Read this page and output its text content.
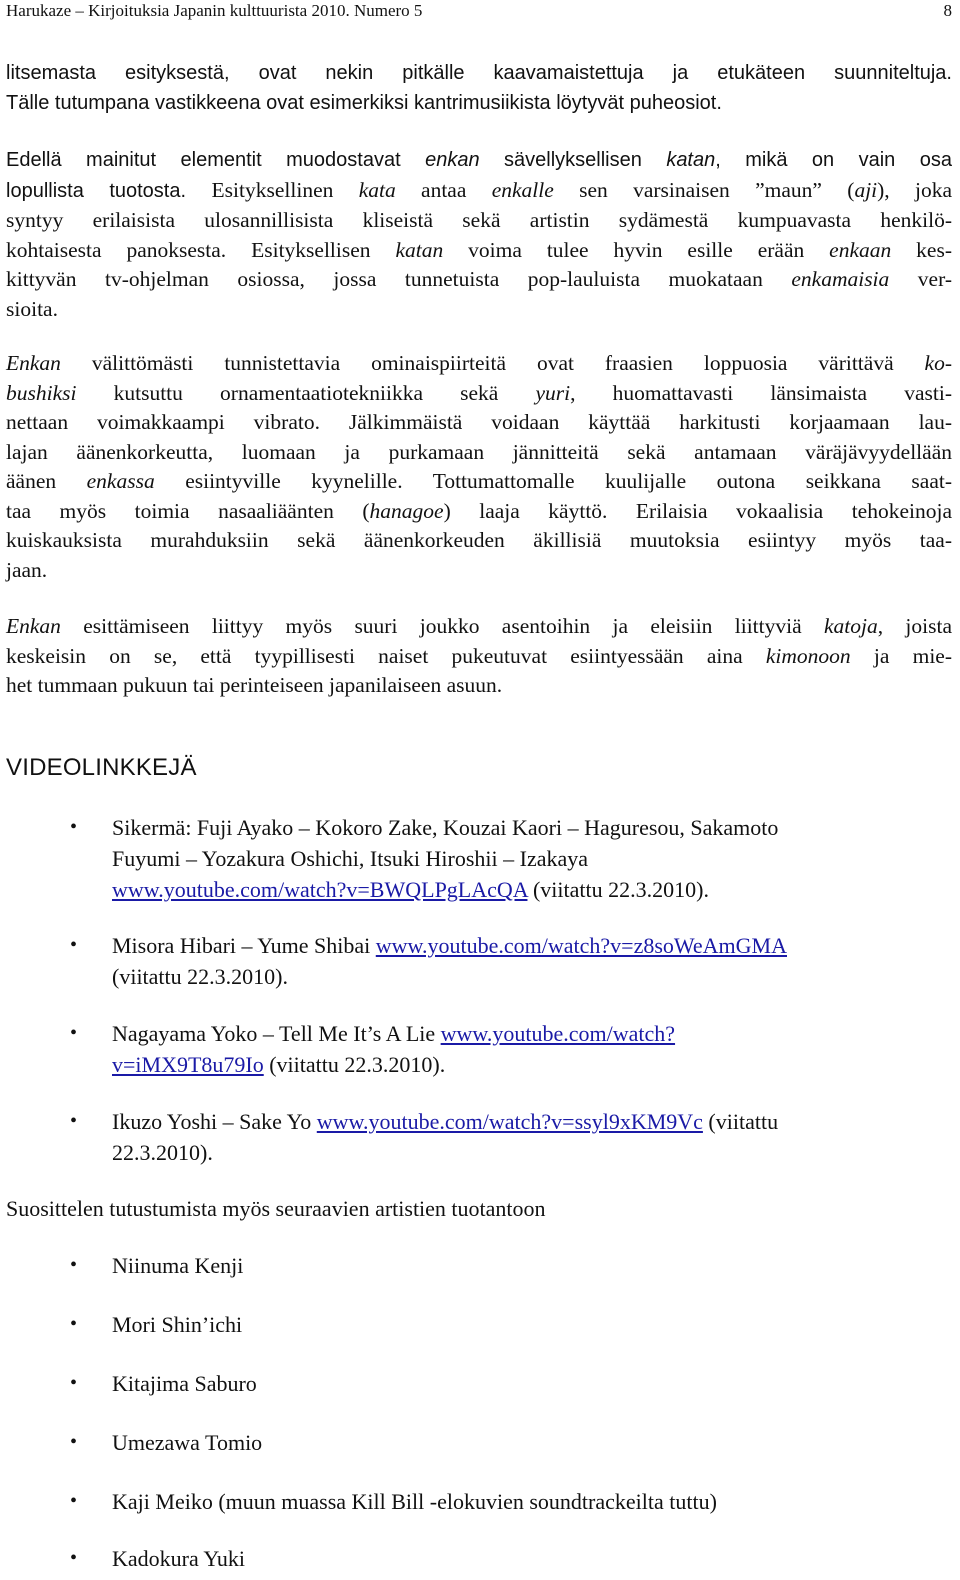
Harukaze – Kirjoituksia Japanin kulttuurista 2010. Numero 5	8
litsemasta esityksestä, ovat nekin pitkälle kaavamaistettuja ja etukäteen suunniteltuja.
Tälle tutumpana vastikkeena ovat esimerkiksi kantrimusiikista löytyvät puheosiot.
Edellä mainitut elementit muodostavat enkan sävellyksellisen katan, mikä on vain osa
lopullista tuotosta. Esityksellinen kata antaa enkalle sen varsinaisen ”maun” (aji), joka
syntyy erilaisista ulosannillisista kliseistä sekä artistin sydämestä kumpuavasta henkilö-
kohtaisesta panoksesta. Esityksellisen katan voima tulee hyvin esille erään enkaan kes-
kittyvän tv-ohjelman osiossa, jossa tunnetuista pop-lauluista muokataan enkamaisia ver-
sioita.
Enkan välittömästi tunnistettavia ominaispiirteitä ovat fraasien loppuosia värittävä ko-
bushiksi kutsuttu ornamentaatiotekniikka sekä yuri, huomattavasti länsimaista vasti-
nettaan voimakkaampi vibrato. Jälkimmäistä voidaan käyttää harkitusti korjaamaan lau-
lajan äänenkorkeutta, luomaan ja purkamaan jännitteitä sekä antamaan väräjävyydellään
äänen enkassa esiintyville kyynelille. Tottumattomalle kuulijalle outona seikkana saat-
taa myös toimia nasaaliäänten (hanagoe) laaja käyttö. Erilaisia vokaalisia tehokeinoja
kuiskauksista murahduksiin sekä äänenkorkeuden äkillisiä muutoksia esiintyy myös taa-
jaan.
Enkan esittämiseen liittyy myös suuri joukko asentoihin ja eleisiin liittyviä katoja, joista
keskeisin on se, että tyypillisesti naiset pukeutuvat esiintyessään aina kimonoon ja mie-
het tummaan pukuun tai perinteiseen japanilaiseen asuun.
VIDEOLINKKEJÄ
• Sikermä: Fuji Ayako – Kokoro Zake, Kouzai Kaori – Haguresou, Sakamoto
Fuyumi – Yozakura Oshichi, Itsuki Hiroshii – Izakaya
www.youtube.com/watch?v=BWQLPgLAcQA (viitattu 22.3.2010).
• Misora Hibari – Yume Shibai www.youtube.com/watch?v=z8soWeAmGMA
(viitattu 22.3.2010).
• Nagayama Yoko – Tell Me It’s A Lie www.youtube.com/watch?
v=iMX9T8u79Io (viitattu 22.3.2010).
• Ikuzo Yoshi – Sake Yo www.youtube.com/watch?v=ssyl9xKM9Vc (viitattu
22.3.2010).
Suosittelen tutustumista myös seuraavien artistien tuotantoon
• Niinuma Kenji
• Mori Shin’ichi
• Kitajima Saburo
• Umezawa Tomio
• Kaji Meiko (muun muassa Kill Bill -elokuvien soundtrackeilta tuttu)
• Kadokura Yuki
